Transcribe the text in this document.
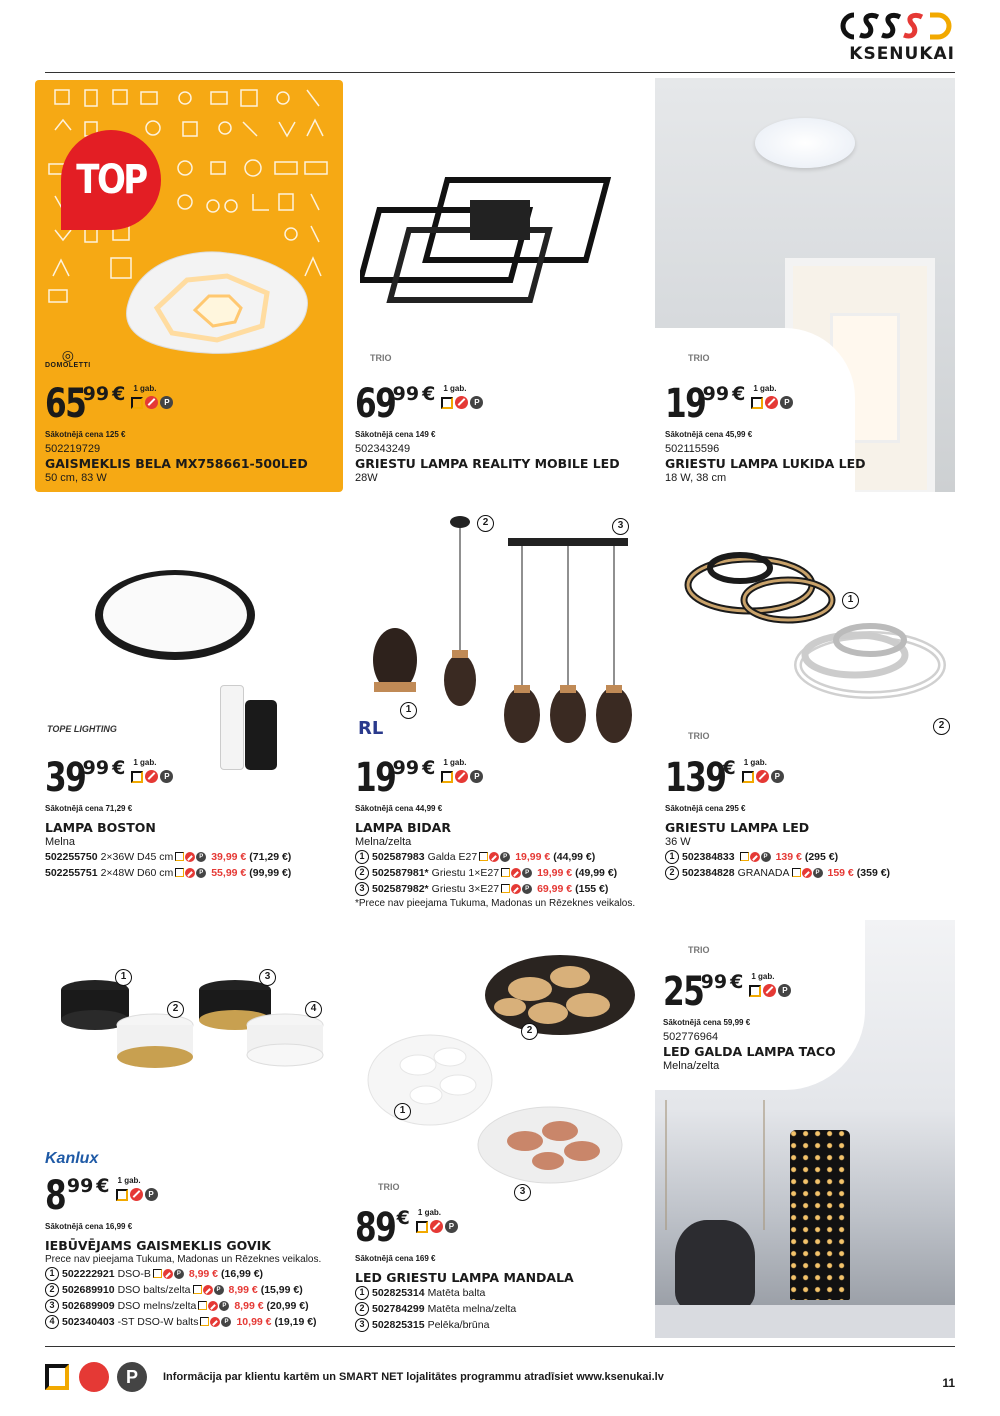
KSENUKAI
TOP
◎
DOMOLETTI
65
99 € 1 gab.
P
Sākotnējā cena 125 €
502219729
GAISMEKLIS BELA MX758661-500LED
50 cm, 83 W
TRIO
69
99 € 1 gab.
P
Sākotnējā cena 149 €
502343249
GRIESTU LAMPA REALITY MOBILE LED
28W
TRIO
19
99 € 1 gab.
P
Sākotnējā cena 45,99 €
502115596
GRIESTU LAMPA LUKIDA LED
18 W, 38 cm
TOPE LIGHTING
39
99 € 1 gab.
P
Sākotnējā cena 71,29 €
LAMPA BOSTON
Melna
502255750 2×36W D45 cm	P 39,99 € (71,29 €)
502255751 2×48W D60 cm	P 55,99 € (99,99 €)
2	3
1
RL
19
99 € 1 gab.
P
Sākotnējā cena 44,99 €
LAMPA BIDAR
Melna/zelta
1 502587983 Galda E27	P 19,99 € (44,99 €)
2 502587981* Griestu 1×E27	P 19,99 € (49,99 €)
3 502587982* Griestu 3×E27	P 69,99 € (155 €)
*Prece nav pieejama Tukuma, Madonas un Rēzeknes veikalos.
1
2
TRIO
139
€ 1 gab.
P
Sākotnējā cena 295 €
GRIESTU LAMPA LED
36 W
1 502384833	P 139 € (295 €)
2 502384828 GRANADA	P 159 € (359 €)
1
2
3
4
Kanlux
8 99 € 1 gab.
P
Sākotnējā cena 16,99 €
IEBŪVĒJAMS GAISMEKLIS GOVIK
Prece nav pieejama Tukuma, Madonas un Rēzeknes veikalos.
1 502222921 DSO-B	P 8,99 € (16,99 €)
2 502689910 DSO balts/zelta	P 8,99 € (15,99 €)
3 502689909 DSO melns/zelta	P 8,99 € (20,99 €)
4 502340403 -ST DSO-W balts	P 10,99 € (19,19 €)
2
1
3
TRIO
89 € 1 gab.
P
Sākotnējā cena 169 €
LED GRIESTU LAMPA MANDALA
1 502825314 Matēta balta
2 502784299 Matēta melna/zelta
3 502825315 Pelēka/brūna
TRIO
25
99 € 1 gab.
P
Sākotnējā cena 59,99 €
502776964
LED GALDA LAMPA TACO
Melna/zelta
P	Informācija par klientu kartēm un SMART NET lojalitātes programmu atradīsiet www.ksenukai.lv	11
